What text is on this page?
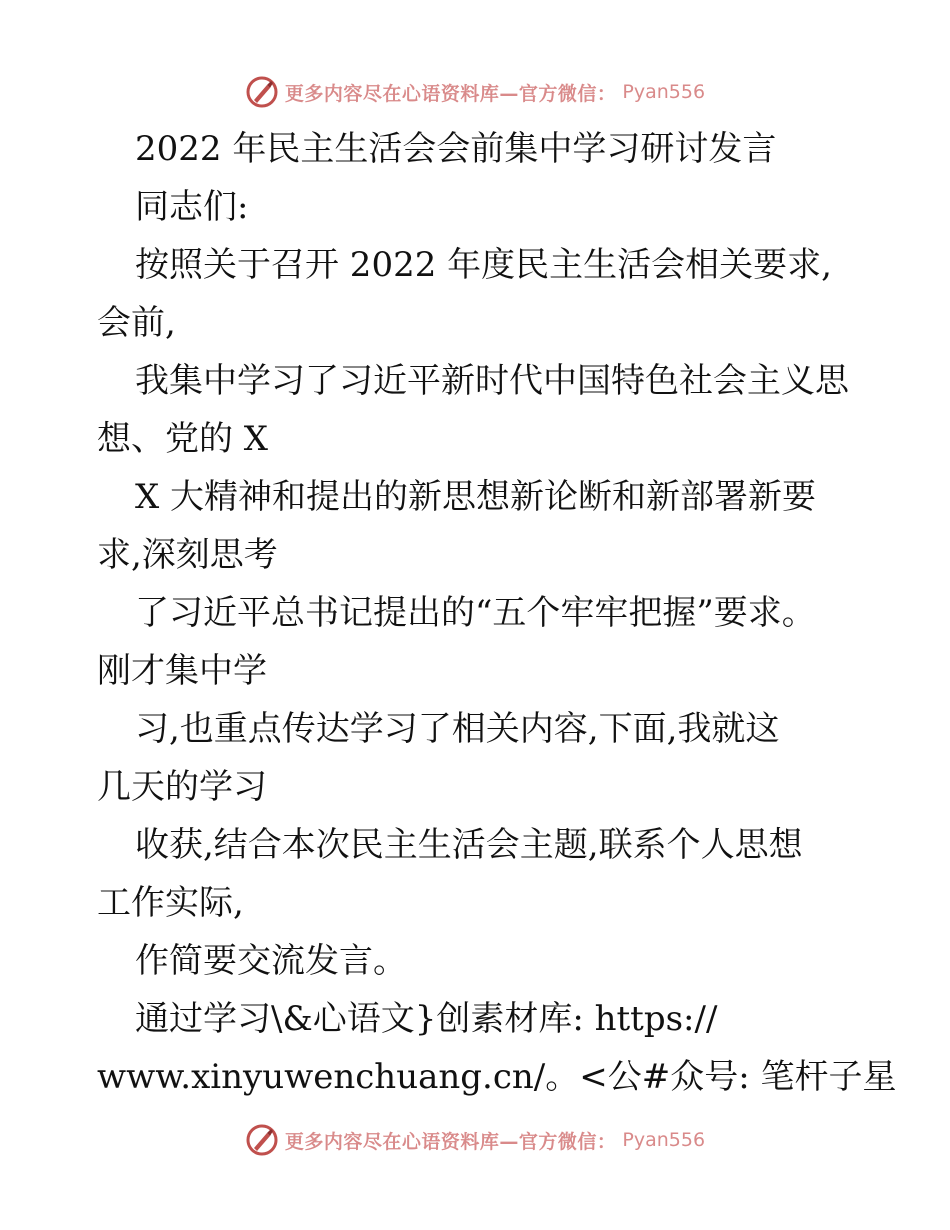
更多内容尽在心语资料库—官方微信： Pyan556
2022 年民主生活会会前集中学习研讨发言
同志们:
按照关于召开 2022 年度民主生活会相关要求,
会前,
我集中学习了习近平新时代中国特色社会主义思
想、党的 X
X 大精神和提出的新思想新论断和新部署新要
求,深刻思考
了习近平总书记提出的“五个牢牢把握”要求。
刚才集中学
习,也重点传达学习了相关内容,下面,我就这
几天的学习
收获,结合本次民主生活会主题,联系个人思想
工作实际,
作简要交流发言。
通过学习\&心语文}创素材库: https://
www.xinyuwenchuang.cn/。<公#众号: 笔杆子星
更多内容尽在心语资料库—官方微信： Pyan556
